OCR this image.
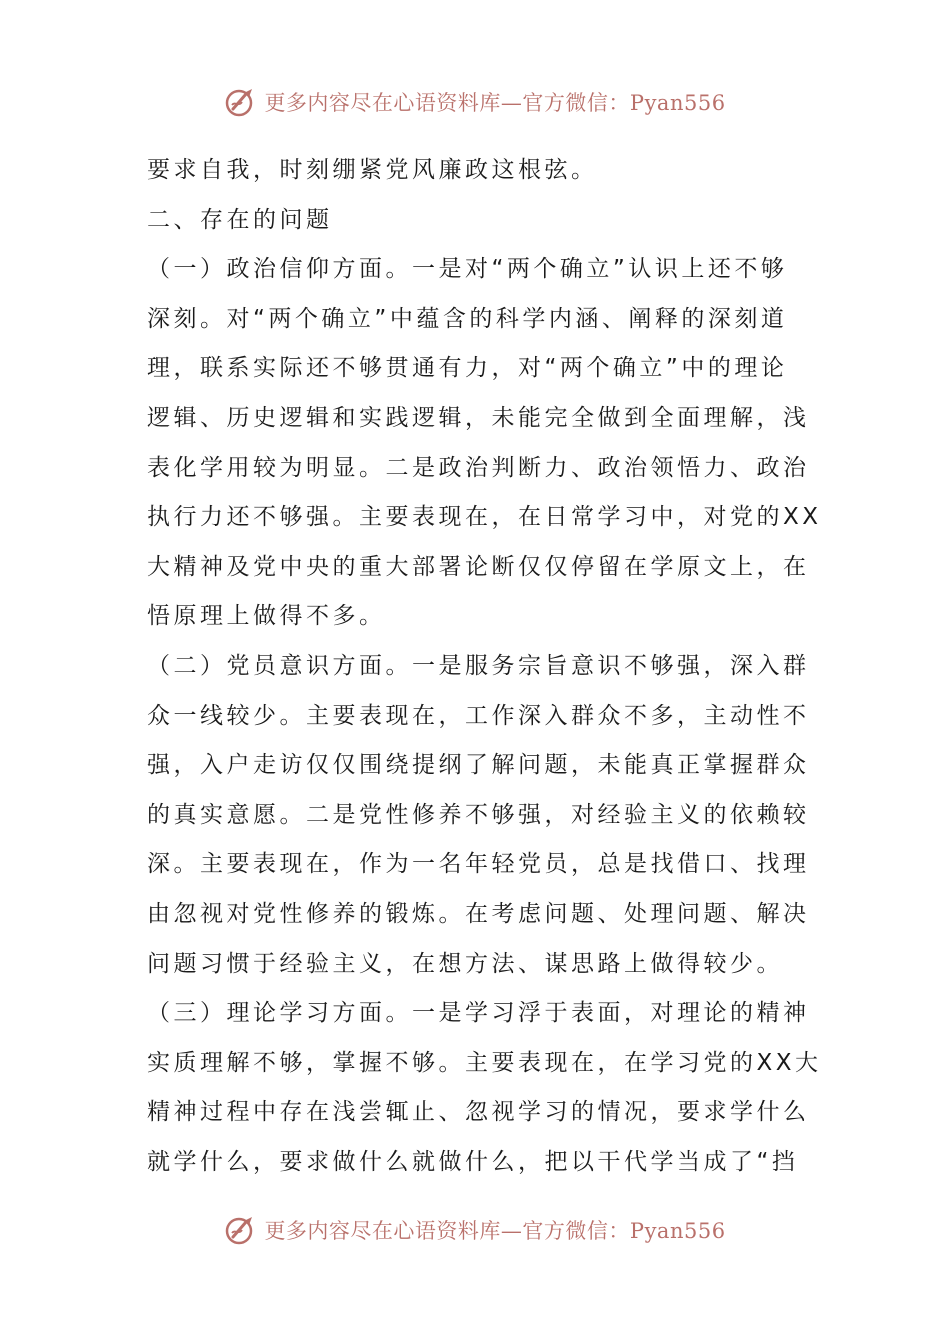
更多内容尽在心语资料库—官方微信：Pyan556

要求自我，时刻绷紧党风廉政这根弦。

二、存在的问题

（一）政治信仰方面。一是对“两个确立”认识上还不够

深刻。对“两个确立”中蕴含的科学内涵、阐释的深刻道

理，联系实际还不够贯通有力，对“两个确立”中的理论

逻辑、历史逻辑和实践逻辑，未能完全做到全面理解，浅

表化学用较为明显。二是政治判断力、政治领悟力、政治

执行力还不够强。主要表现在，在日常学习中，对党的XX

大精神及党中央的重大部署论断仅仅停留在学原文上，在

悟原理上做得不多。

（二）党员意识方面。一是服务宗旨意识不够强，深入群

众一线较少。主要表现在，工作深入群众不多，主动性不

强，入户走访仅仅围绕提纲了解问题，未能真正掌握群众

的真实意愿。二是党性修养不够强，对经验主义的依赖较

深。主要表现在，作为一名年轻党员，总是找借口、找理

由忽视对党性修养的锻炼。在考虑问题、处理问题、解决

问题习惯于经验主义，在想方法、谋思路上做得较少。

（三）理论学习方面。一是学习浮于表面，对理论的精神

实质理解不够，掌握不够。主要表现在，在学习党的XX大

精神过程中存在浅尝辄止、忽视学习的情况，要求学什么

就学什么，要求做什么就做什么，把以干代学当成了“挡

更多内容尽在心语资料库—官方微信：Pyan556
